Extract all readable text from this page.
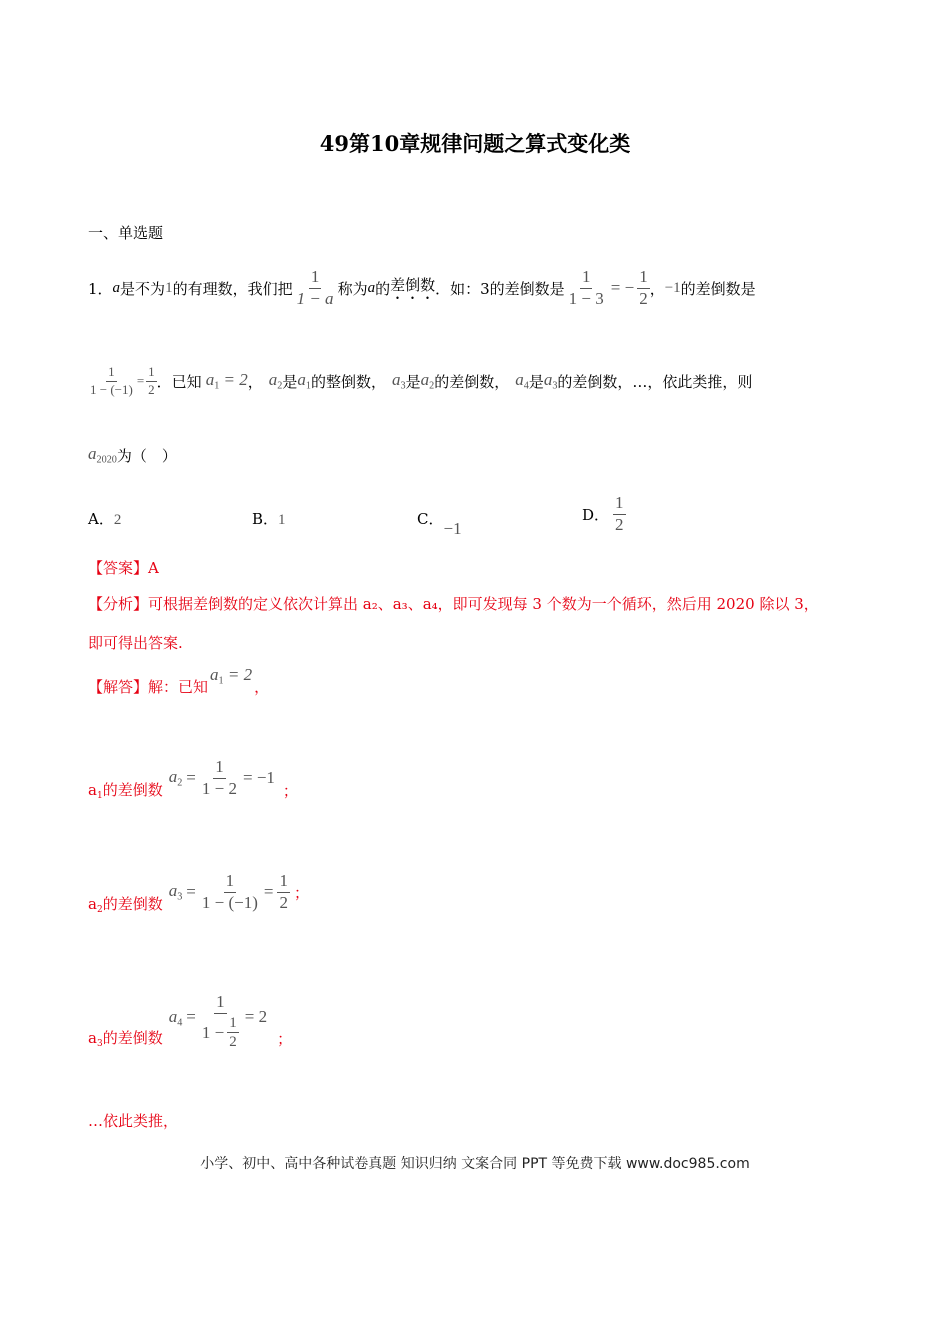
49第10章规律问题之算式变化类
一、单选题
1． a 是不为 1 的有理数，我们把 $\frac{1}{1 - a}$ 称为 a 的 差倒数 ．如：3的差倒数是 $\frac{1}{1 - 3}$ = − $\frac{1}{2}$ ， −1 的差倒数是
$\frac{1}{1 - (-1)} = \frac{1}{2}$ ．已知 $a_1 = 2$ ， $a_2$ 是 $a_1$ 的整倒数， $a_3$ 是 $a_2$ 的差倒数， $a_4$ 是 $a_3$ 的差倒数，…，依此类推，则
$a_{2020}$ 为（　）
A．2	B．1	C．−1
D． $\frac{1}{2}$
【答案】A
【分析】可根据差倒数的定义依次计算出 a₂、a₃、a₄，即可发现每 3 个数为一个循环，然后用 2020 除以 3，
即可得出答案.
【解答】 解：已知
$a_1 = 2$
，
$a_1$的差倒数
$a_2 = \frac{1}{1 - 2} = -1$
；
$a_2$的差倒数
$a_3 = \frac{1}{1 - (-1)} = \frac{1}{2}$ ；
$a_3$的差倒数
$a_4 = \frac{1}{1 - \frac{1}{2}} = 2$
；
…依此类推，
小学、初中、高中各种试卷真题 知识归纳 文案合同 PPT 等免费下载 www.doc985.com
